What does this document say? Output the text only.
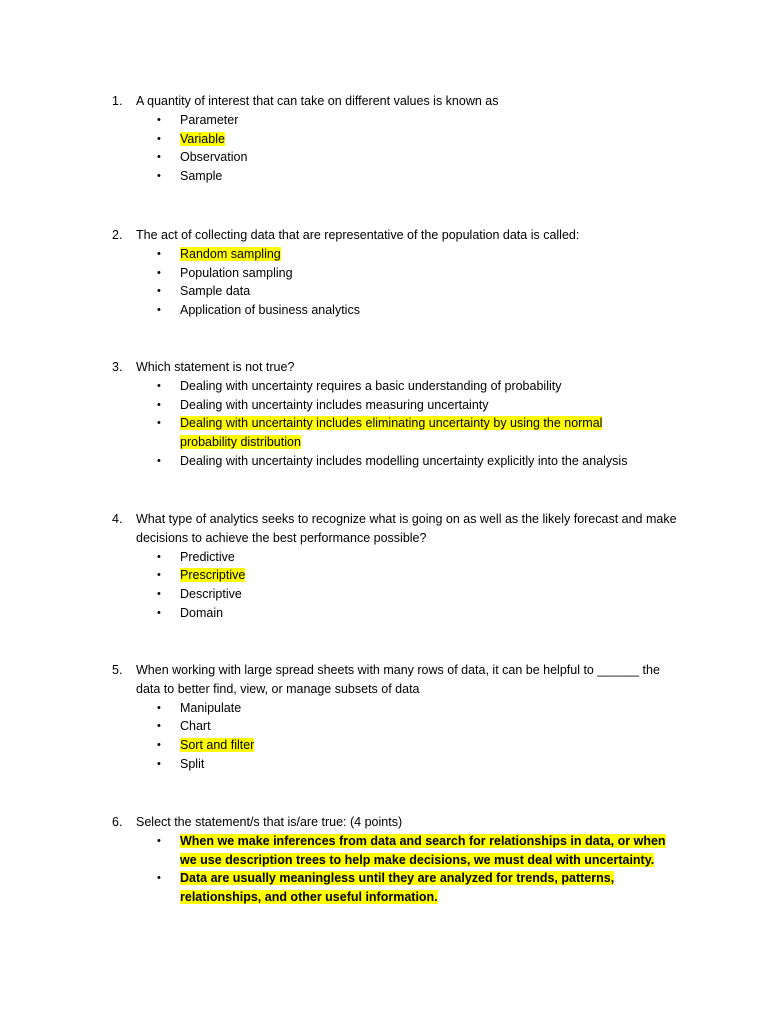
1.	A quantity of interest that can take on different values is known as
• Parameter
• Variable
• Observation
• Sample
2.	The act of collecting data that are representative of the population data is called:
• Random sampling
• Population sampling
• Sample data
• Application of business analytics
3.	Which statement is not true?
• Dealing with uncertainty requires a basic understanding of probability
• Dealing with uncertainty includes measuring uncertainty
• Dealing with uncertainty includes eliminating uncertainty by using the normal probability distribution
• Dealing with uncertainty includes modelling uncertainty explicitly into the analysis
4.	What type of analytics seeks to recognize what is going on as well as the likely forecast and make decisions to achieve the best performance possible?
• Predictive
• Prescriptive
• Descriptive
• Domain
5.	When working with large spread sheets with many rows of data, it can be helpful to ______ the data to better find, view, or manage subsets of data
• Manipulate
• Chart
• Sort and filter
• Split
6.	Select the statement/s that is/are true: (4 points)
• When we make inferences from data and search for relationships in data, or when we use description trees to help make decisions, we must deal with uncertainty.
• Data are usually meaningless until they are analyzed for trends, patterns, relationships, and other useful information.
